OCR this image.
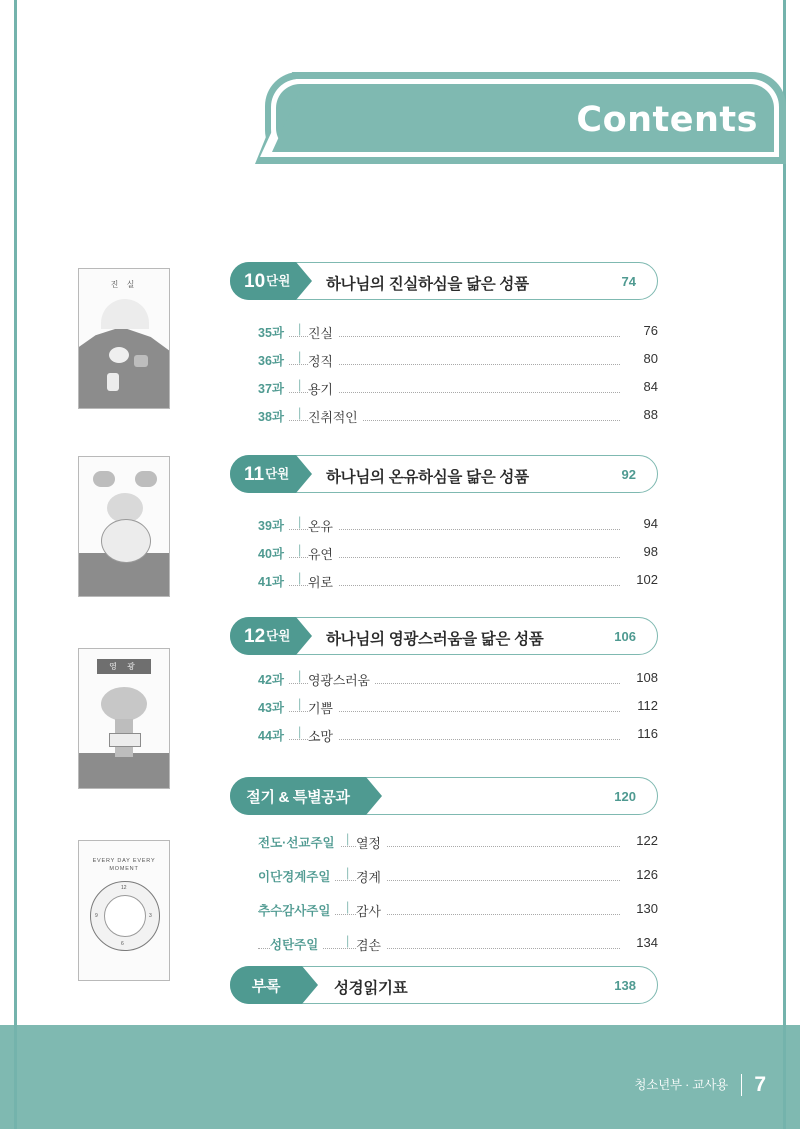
Contents
진 실
영 광
EVERY DAY EVERY MOMENT
12
3
6
9
10 단원 하나님의 진실하심을 닮은 성품	74
35과	| 진실	76
36과	| 정직	80
37과	| 용기	84
38과	| 진취적인	88
11 단원 하나님의 온유하심을 닮은 성품	92
39과	| 온유	94
40과	| 유연	98
41과	| 위로	102
12 단원 하나님의 영광스러움을 닮은 성품	106
42과	| 영광스러움	108
43과	| 기쁨	112
44과	| 소망	116
절기 & 특별공과	120
전도·선교주일 | 열정	122
이단경계주일	| 경계	126
추수감사주일	| 감사	130
성탄주일	| 겸손	134
부록	성경읽기표	138
청소년부 · 교사용 7
